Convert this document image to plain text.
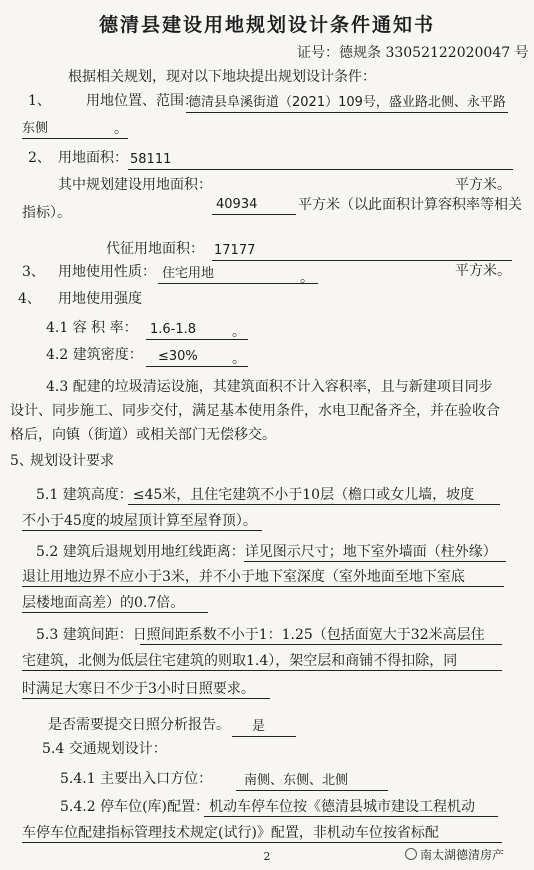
德清县建设用地规划设计条件通知书
证号：德规条 33052122020047 号
根据相关规划，现对以下地块提出规划设计条件：
1、	用地位置、范围：
德清县阜溪街道（2021）109号，盛业路北侧、永平路
东侧	。
2、 用地面积： 58111
平方米。
其中规划建设用地面积：
40934	平方米（以此面积计算容积率等相关
指标）。
代征用地面积： 17177
平方米。
3、 用地使用性质： 住宅用地	。
4、 用地使用强度
4.1 容 积 率： 1.6-1.8	。
4.2 建筑密度： ≤30% 。
4.3 配建的垃圾清运设施，其建筑面积不计入容积率，且与新建项目同步
设计、同步施工、同步交付，满足基本使用条件，水电卫配备齐全，并在验收合
格后，向镇（街道）或相关部门无偿移交。
5、
规划设计要求
5.1 建筑高度：≤45米，且住宅建筑不小于10层（檐口或女儿墙，坡度
不小于45度的坡屋顶计算至屋脊顶）。
5.2 建筑后退规划用地红线距离：详见图示尺寸；地下室外墙面（柱外缘）
退让用地边界不应小于3米，并不小于地下室深度（室外地面至地下室底
层楼地面高差）的0.7倍。
5.3 建筑间距：日照间距系数不小于1：1.25（包括面宽大于32米高层住
宅建筑，北侧为低层住宅建筑的则取1.4），架空层和商铺不得扣除，同
时满足大寒日不少于3小时日照要求。
是否需要提交日照分析报告。 是
5.4 交通规划设计：
5.4.1 主要出入口方位： 南侧、东侧、北侧
5.4.2 停车位(库)配置：机动车停车位按《德清县城市建设工程机动
车停车位配建指标管理技术规定(试行)》配置，非机动车位按省标配
2	南太湖德清房产
